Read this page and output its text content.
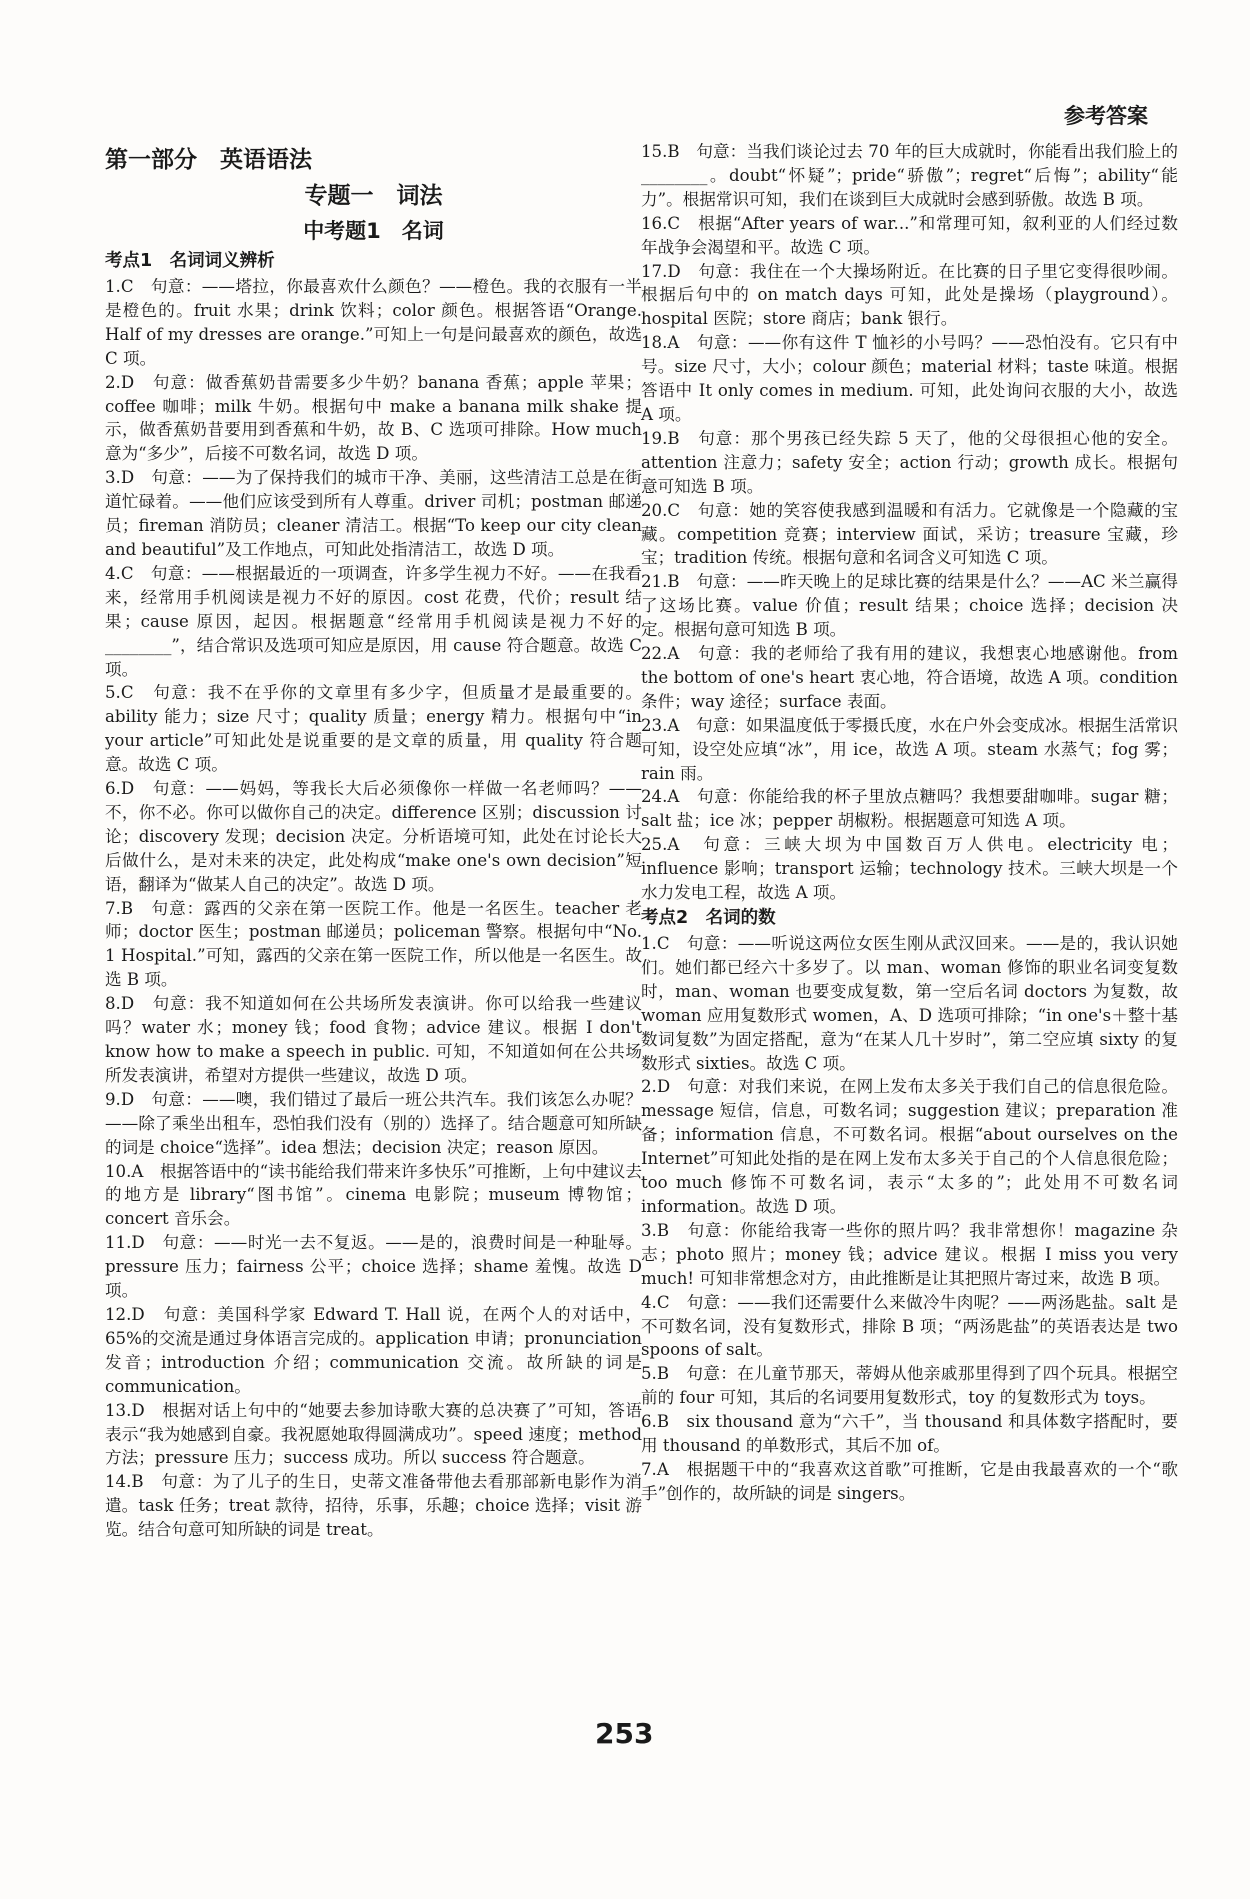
参考答案
第一部分　英语语法
专题一　词法
中考题1　名词
考点1　名词词义辨析

1.C　句意：——塔拉，你最喜欢什么颜色？——橙色。我的衣服有一半是橙色的。fruit 水果；drink 饮料；color 颜色。根据答语“Orange. Half of my dresses are orange.”可知上一句是问最喜欢的颜色，故选 C 项。

2.D　句意：做香蕉奶昔需要多少牛奶？banana 香蕉；apple 苹果；coffee 咖啡；milk 牛奶。根据句中 make a banana milk shake 提示，做香蕉奶昔要用到香蕉和牛奶，故 B、C 选项可排除。How much 意为“多少”，后接不可数名词，故选 D 项。

3.D　句意：——为了保持我们的城市干净、美丽，这些清洁工总是在街道忙碌着。——他们应该受到所有人尊重。driver 司机；postman 邮递员；fireman 消防员；cleaner 清洁工。根据“To keep our city clean and beautiful”及工作地点，可知此处指清洁工，故选 D 项。

4.C　句意：——根据最近的一项调查，许多学生视力不好。——在我看来，经常用手机阅读是视力不好的原因。cost 花费，代价；result 结果；cause 原因，起因。根据题意“经常用手机阅读是视力不好的________”，结合常识及选项可知应是原因，用 cause 符合题意。故选 C 项。

5.C　句意：我不在乎你的文章里有多少字，但质量才是最重要的。ability 能力；size 尺寸；quality 质量；energy 精力。根据句中“in your article”可知此处是说重要的是文章的质量，用 quality 符合题意。故选 C 项。

6.D　句意：——妈妈，等我长大后必须像你一样做一名老师吗？——不，你不必。你可以做你自己的决定。difference 区别；discussion 讨论；discovery 发现；decision 决定。分析语境可知，此处在讨论长大后做什么，是对未来的决定，此处构成“make one's own decision”短语，翻译为“做某人自己的决定”。故选 D 项。

7.B　句意：露西的父亲在第一医院工作。他是一名医生。teacher 老师；doctor 医生；postman 邮递员；policeman 警察。根据句中“No. 1 Hospital.”可知，露西的父亲在第一医院工作，所以他是一名医生。故选 B 项。

8.D　句意：我不知道如何在公共场所发表演讲。你可以给我一些建议吗？water 水；money 钱；food 食物；advice 建议。根据 I don't know how to make a speech in public. 可知，不知道如何在公共场所发表演讲，希望对方提供一些建议，故选 D 项。

9.D　句意：——噢，我们错过了最后一班公共汽车。我们该怎么办呢？——除了乘坐出租车，恐怕我们没有（别的）选择了。结合题意可知所缺的词是 choice“选择”。idea 想法；decision 决定；reason 原因。

10.A　根据答语中的“读书能给我们带来许多快乐”可推断，上句中建议去的地方是 library“图书馆”。cinema 电影院；museum 博物馆；concert 音乐会。

11.D　句意：——时光一去不复返。——是的，浪费时间是一种耻辱。pressure 压力；fairness 公平；choice 选择；shame 羞愧。故选 D 项。

12.D　句意：美国科学家 Edward T. Hall 说，在两个人的对话中，65%的交流是通过身体语言完成的。application 申请；pronunciation 发音；introduction 介绍；communication 交流。故所缺的词是 communication。

13.D　根据对话上句中的“她要去参加诗歌大赛的总决赛了”可知，答语表示“我为她感到自豪。我祝愿她取得圆满成功”。speed 速度；method 方法；pressure 压力；success 成功。所以 success 符合题意。

14.B　句意：为了儿子的生日，史蒂文准备带他去看那部新电影作为消遣。task 任务；treat 款待，招待，乐事，乐趣；choice 选择；visit 游览。结合句意可知所缺的词是 treat。

15.B　句意：当我们谈论过去 70 年的巨大成就时，你能看出我们脸上的________。doubt“怀疑”；pride“骄傲”；regret“后悔”；ability“能力”。根据常识可知，我们在谈到巨大成就时会感到骄傲。故选 B 项。

16.C　根据“After years of war...”和常理可知，叙利亚的人们经过数年战争会渴望和平。故选 C 项。

17.D　句意：我住在一个大操场附近。在比赛的日子里它变得很吵闹。根据后句中的 on match days 可知，此处是操场（playground）。hospital 医院；store 商店；bank 银行。

18.A　句意：——你有这件 T 恤衫的小号吗？——恐怕没有。它只有中号。size 尺寸，大小；colour 颜色；material 材料；taste 味道。根据答语中 It only comes in medium. 可知，此处询问衣服的大小，故选 A 项。

19.B　句意：那个男孩已经失踪 5 天了，他的父母很担心他的安全。attention 注意力；safety 安全；action 行动；growth 成长。根据句意可知选 B 项。

20.C　句意：她的笑容使我感到温暖和有活力。它就像是一个隐藏的宝藏。competition 竞赛；interview 面试，采访；treasure 宝藏，珍宝；tradition 传统。根据句意和名词含义可知选 C 项。

21.B　句意：——昨天晚上的足球比赛的结果是什么？——AC 米兰赢得了这场比赛。value 价值；result 结果；choice 选择；decision 决定。根据句意可知选 B 项。

22.A　句意：我的老师给了我有用的建议，我想衷心地感谢他。from the bottom of one's heart 衷心地，符合语境，故选 A 项。condition 条件；way 途径；surface 表面。

23.A　句意：如果温度低于零摄氏度，水在户外会变成冰。根据生活常识可知，设空处应填“冰”，用 ice，故选 A 项。steam 水蒸气；fog 雾；rain 雨。

24.A　句意：你能给我的杯子里放点糖吗？我想要甜咖啡。sugar 糖；salt 盐；ice 冰；pepper 胡椒粉。根据题意可知选 A 项。

25.A　句意：三峡大坝为中国数百万人供电。electricity 电；influence 影响；transport 运输；technology 技术。三峡大坝是一个水力发电工程，故选 A 项。

考点2　名词的数

1.C　句意：——听说这两位女医生刚从武汉回来。——是的，我认识她们。她们都已经六十多岁了。以 man、woman 修饰的职业名词变复数时，man、woman 也要变成复数，第一空后名词 doctors 为复数，故 woman 应用复数形式 women，A、D 选项可排除；“in one's＋整十基数词复数”为固定搭配，意为“在某人几十岁时”，第二空应填 sixty 的复数形式 sixties。故选 C 项。

2.D　句意：对我们来说，在网上发布太多关于我们自己的信息很危险。message 短信，信息，可数名词；suggestion 建议；preparation 准备；information 信息，不可数名词。根据“about ourselves on the Internet”可知此处指的是在网上发布太多关于自己的个人信息很危险；too much 修饰不可数名词，表示“太多的”；此处用不可数名词 information。故选 D 项。

3.B　句意：你能给我寄一些你的照片吗？我非常想你！magazine 杂志；photo 照片；money 钱；advice 建议。根据 I miss you very much! 可知非常想念对方，由此推断是让其把照片寄过来，故选 B 项。

4.C　句意：——我们还需要什么来做冷牛肉呢？——两汤匙盐。salt 是不可数名词，没有复数形式，排除 B 项；“两汤匙盐”的英语表达是 two spoons of salt。

5.B　句意：在儿童节那天，蒂姆从他亲戚那里得到了四个玩具。根据空前的 four 可知，其后的名词要用复数形式，toy 的复数形式为 toys。

6.B　six thousand 意为“六千”，当 thousand 和具体数字搭配时，要用 thousand 的单数形式，其后不加 of。

7.A　根据题干中的“我喜欢这首歌”可推断，它是由我最喜欢的一个“歌手”创作的，故所缺的词是 singers。

253
